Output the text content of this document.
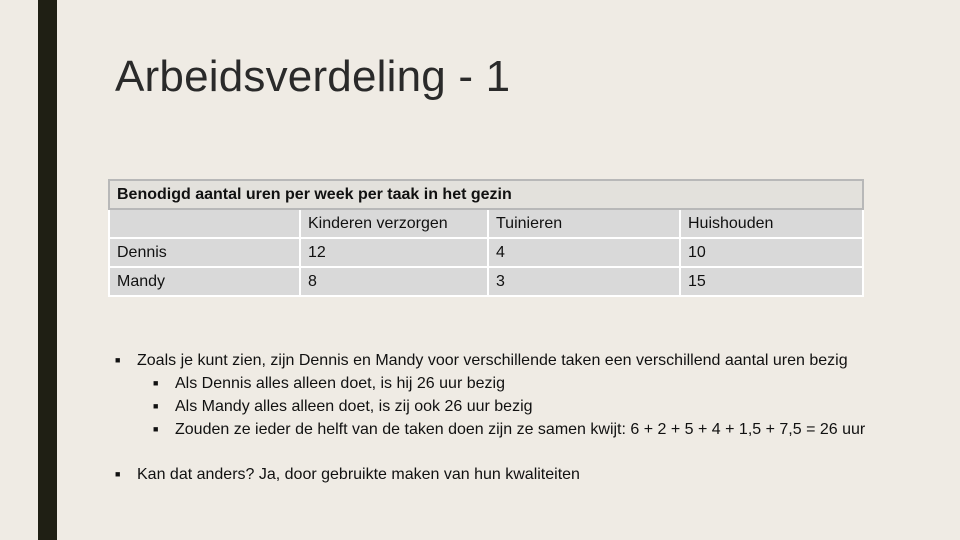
Arbeidsverdeling - 1
Benodigd aantal uren per week per taak in het gezin			
	Kinderen verzorgen	Tuinieren	Huishouden
Dennis	12	4	10
Mandy	8	3	15
■	Zoals je kunt zien, zijn Dennis en Mandy voor verschillende taken een verschillend aantal uren bezig
■	Als Dennis alles alleen doet, is hij 26 uur bezig
■	Als Mandy alles alleen doet, is zij ook 26 uur bezig
■	Zouden ze ieder de helft van de taken doen zijn ze samen kwijt: 6 + 2 + 5 + 4 + 1,5 + 7,5 = 26 uur
■	Kan dat anders? Ja, door gebruikte maken van hun kwaliteiten
